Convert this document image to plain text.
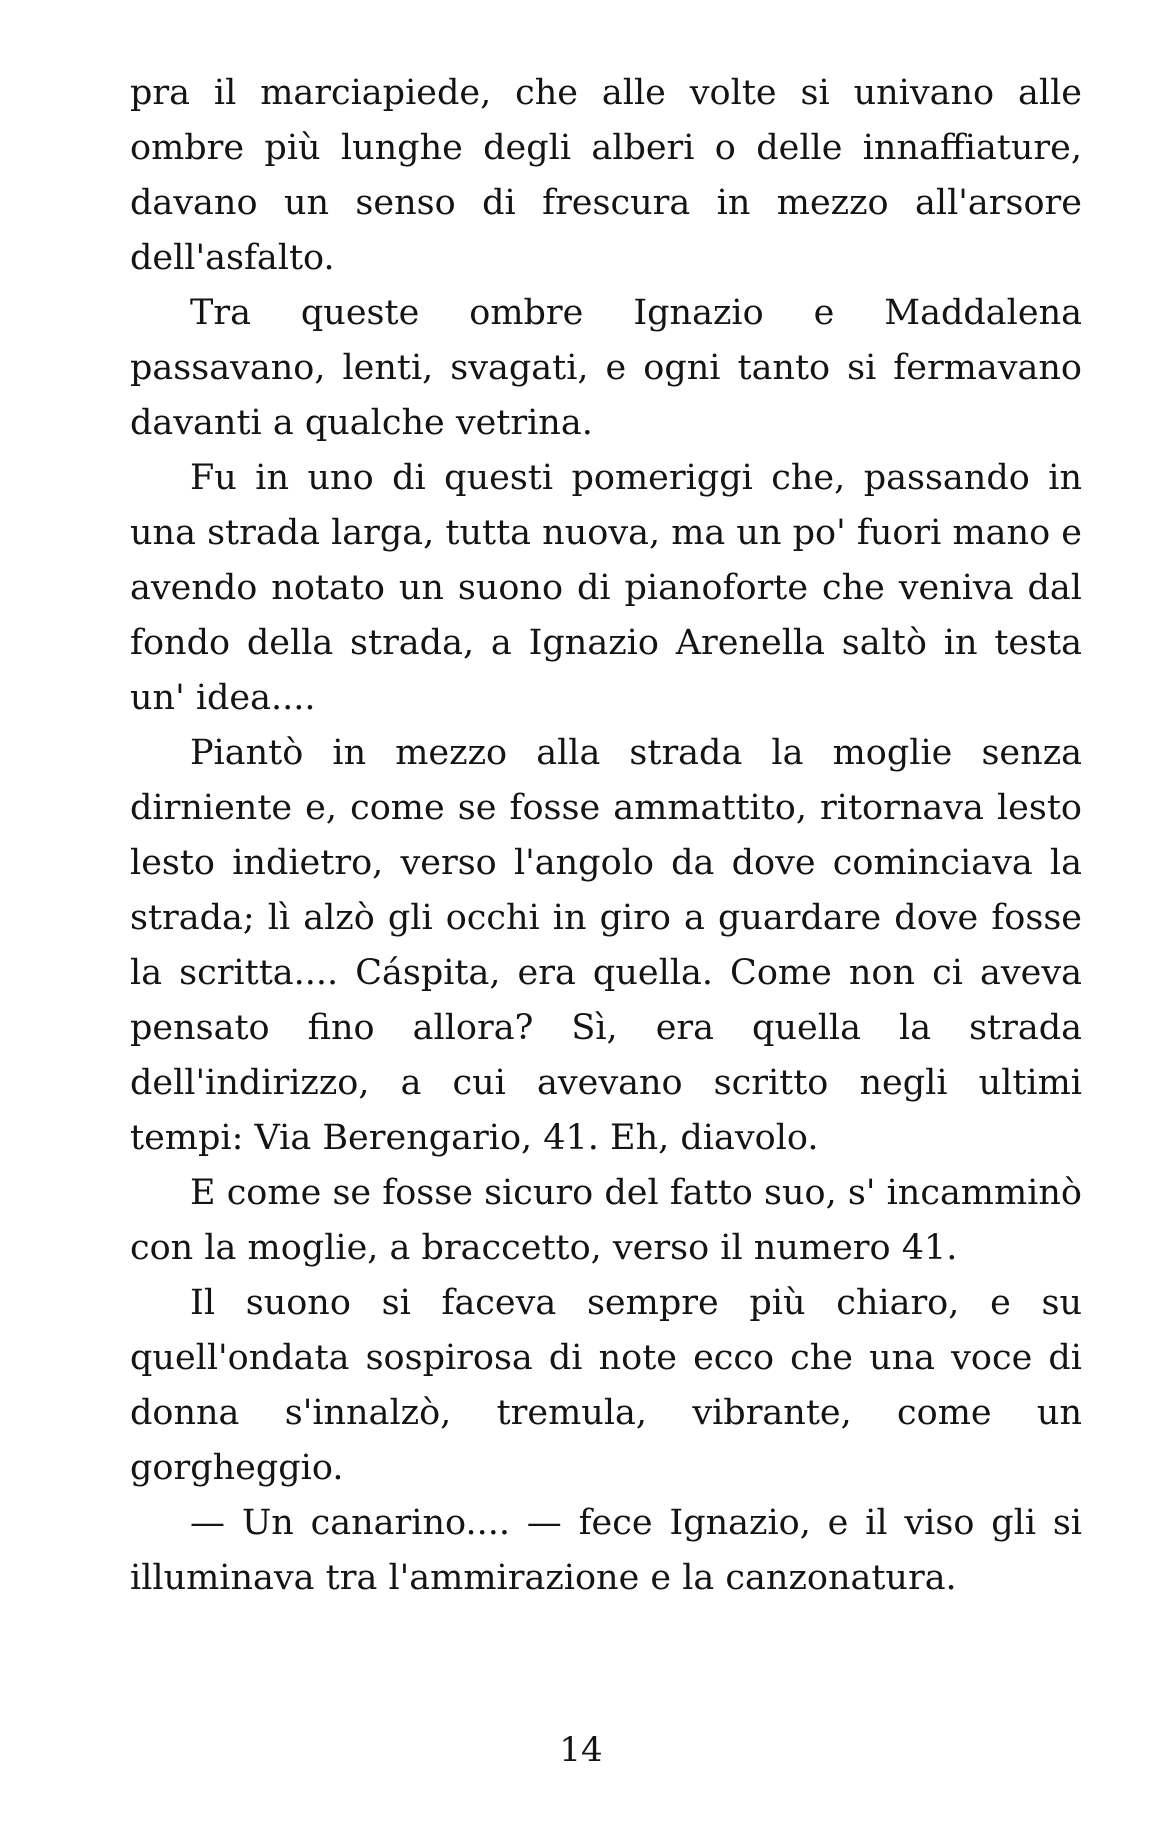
pra il marciapiede, che alle volte si univano alle ombre più lunghe degli alberi o delle innaffiature, davano un senso di frescura in mezzo all'arsore dell'asfalto.

Tra queste ombre Ignazio e Maddalena passavano, lenti, svagati, e ogni tanto si fermavano davanti a qualche vetrina.

Fu in uno di questi pomeriggi che, passando in una strada larga, tutta nuova, ma un po' fuori mano e avendo notato un suono di pianoforte che veniva dal fondo della strada, a Ignazio Arenella saltò in testa un' idea....

Piantò in mezzo alla strada la moglie senza dirniente e, come se fosse ammattito, ritornava lesto lesto indietro, verso l'angolo da dove cominciava la strada; lì alzò gli occhi in giro a guardare dove fosse la scritta.... Cáspita, era quella. Come non ci aveva pensato fino allora? Sì, era quella la strada dell'indirizzo, a cui avevano scritto negli ultimi tempi: Via Berengario, 41. Eh, diavolo.

E come se fosse sicuro del fatto suo, s' incamminò con la moglie, a braccetto, verso il numero 41.

Il suono si faceva sempre più chiaro, e su quell'ondata sospirosa di note ecco che una voce di donna s'innalzò, tremula, vibrante, come un gorgheggio.

— Un canarino.... — fece Ignazio, e il viso gli si illuminava tra l'ammirazione e la canzonatura.

14
